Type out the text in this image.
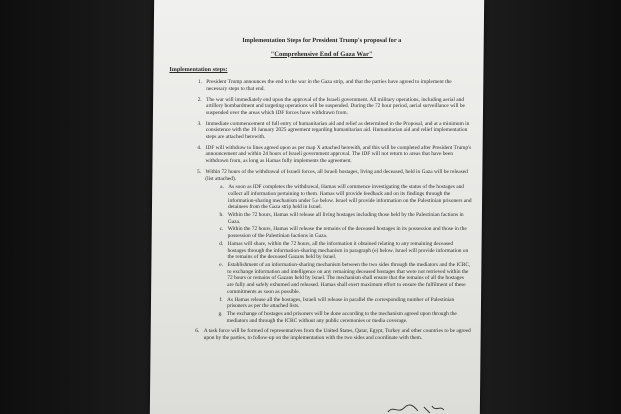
Implementation Steps for President Trump's proposal for a
"Comprehensive End of Gaza War"
Implementation steps:
1. President Trump announces the end to the war in the Gaza strip, and that the parties have agreed to implement the necessary steps to that end.
2. The war will immediately end upon the approval of the Israeli government. All military operations, including aerial and artillery bombardment and targeting operations will be suspended. During the 72 hour period, aerial surveillance will be suspended over the areas which IDF forces have withdrawn from.
3. Immediate commencement of full entry of humanitarian aid and relief as determined in the Proposal, and at a minimum in consistence with the 19 January 2025 agreement regarding humanitarian aid. Humanitarian aid and relief implementation steps are attached herewith.
4. IDF will withdraw to lines agreed upon as per map X attached herewith, and this will be completed after President Trump's announcement and within 24 hours of Israeli government approval. The IDF will not return to areas that have been withdrawn from, as long as Hamas fully implements the agreement.
5. Within 72 hours of the withdrawal of Israeli forces, all Israeli hostages, living and deceased, held in Gaza will be released (list attached).
a. As soon as IDF completes the withdrawal, Hamas will commence investigating the status of the hostages and collect all information pertaining to them. Hamas will provide feedback and on its findings through the information-sharing mechanism under 5.e below. Israel will provide information on the Palestinian prisoners and detainees from the Gaza strip held in Israel.
b. Within the 72 hours, Hamas will release all living hostages including those held by the Palestinian factions in Gaza.
c. Within the 72 hours, Hamas will release the remains of the deceased hostages in its possession and those in the possession of the Palestinian factions in Gaza.
d. Hamas will share, within the 72 hours, all the information it obtained relating to any remaining deceased hostages through the information-sharing mechanism in paragraph (e) below. Israel will provide information on the remains of the deceased Gazans held by Israel.
e. Establishment of an information-sharing mechanism between the two sides through the mediators and the ICRC, to exchange information and intelligence on any remaining deceased hostages that were not retrieved within the 72 hours or remains of Gazans held by Israel. The mechanism shall ensure that the remains of all the hostages are fully and safely exhumed and released. Hamas shall exert maximum effort to ensure the fulfilment of these commitments as soon as possible.
f. As Hamas release all the hostages, Israeli will release in parallel the corresponding number of Palestinian prisoners as per the attached lists.
g. The exchange of hostages and prisoners will be done according to the mechanism agreed upon through the mediators and through the ICRC without any public ceremonies or media coverage.
6. A task force will be formed of representatives from the United States, Qatar, Egypt, Turkey and other countries to be agreed upon by the parties, to follow-up on the implementation with the two sides and coordinate with them.
